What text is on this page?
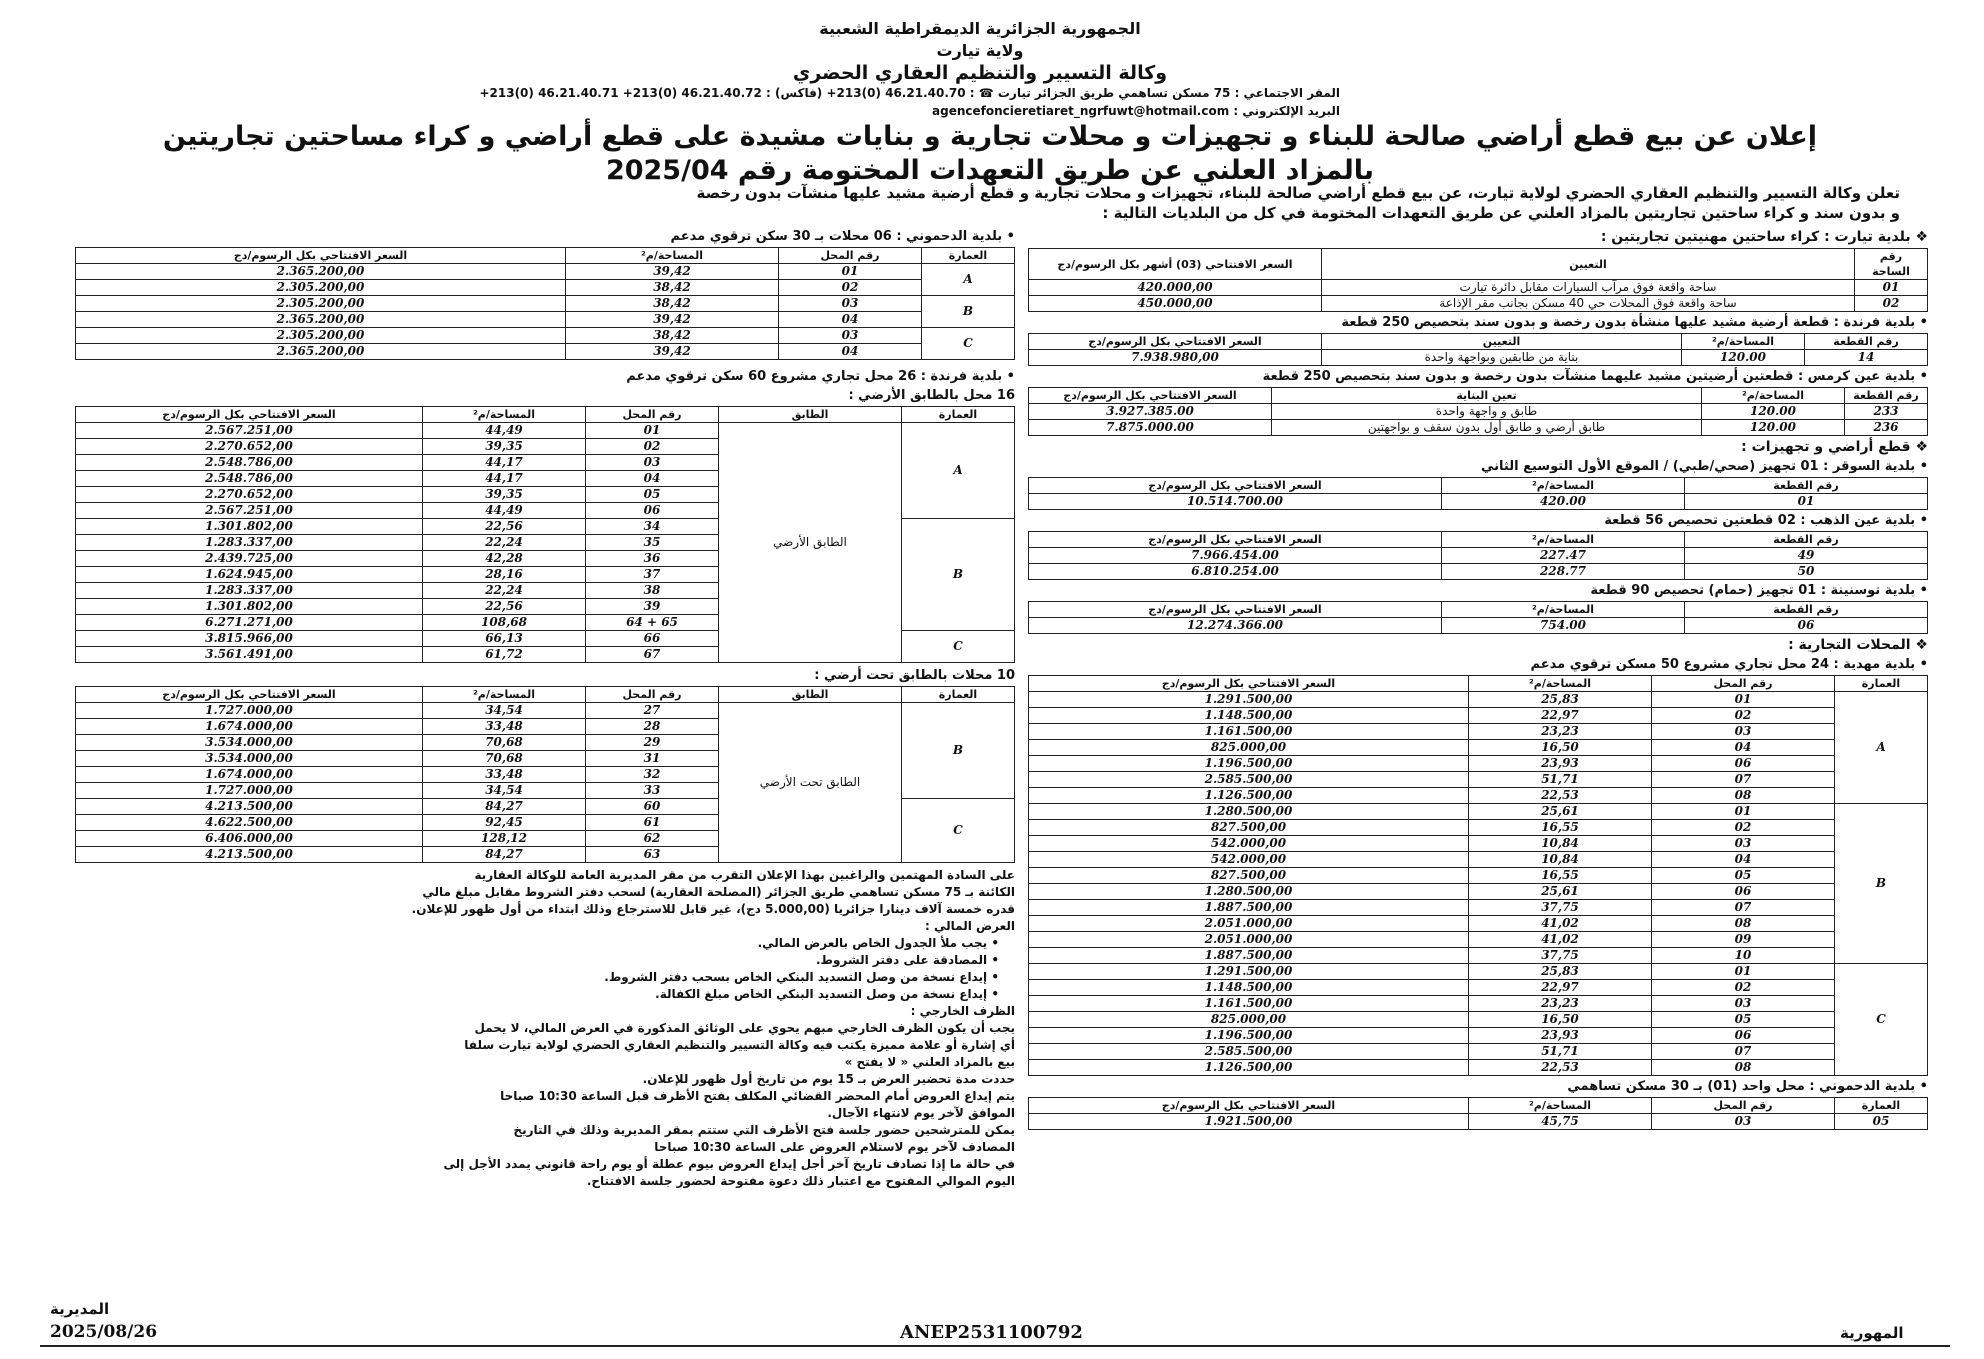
الجمهورية الجزائرية الديمقراطية الشعبية
ولاية تيارت
وكالة التسيير والتنظيم العقاري الحضري
المقر الاجتماعي : 75 مسكن تساهمي طريق الجزائر تيارت ☎ : 46.21.40.70 (0)213+ (فاكس) : 46.21.40.72 (0)213+ 46.21.40.71 (0)213+
البريد الإلكتروني : agencefoncieretiaret_ngrfuwt@hotmail.com
إعلان عن بيع قطع أراضي صالحة للبناء و تجهيزات و محلات تجارية و بنايات مشيدة على قطع أراضي و كراء مساحتين تجاريتين
بالمزاد العلني عن طريق التعهدات المختومة رقم 2025/04
تعلن وكالة التسيير والتنظيم العقاري الحضري لولاية تيارت، عن بيع قطع أراضي صالحة للبناء، تجهيزات و محلات تجارية و قطع أرضية مشيد عليها منشآت بدون رخصة
و بدون سند و كراء ساحتين تجاريتين بالمزاد العلني عن طريق التعهدات المختومة في كل من البلديات التالية :
❖ بلدية تيارت : كراء ساحتين مهنيتين تجاريتين :
رقم الساحة	التعيين	السعر الافتتاحي (03) أشهر بكل الرسوم/دج
01	ساحة واقعة فوق مرآب السيارات مقابل دائرة تيارت	420.000,00
02	ساحة واقعة فوق المحلات حي 40 مسكن بجانب مقر الإذاعة	450.000,00
• بلدية فرندة : قطعة أرضية مشيد عليها منشأة بدون رخصة و بدون سند بتحصيص 250 قطعة
رقم القطعة	المساحة/م²	التعيين	السعر الافتتاحي بكل الرسوم/دج
14	120.00	بناية من طابقين وبواجهة واحدة	7.938.980,00
• بلدية عين كرمس : قطعتين أرضيتين مشيد عليهما منشآت بدون رخصة و بدون سند بتحصيص 250 قطعة
رقم القطعة	المساحة/م²	تعين البناية	السعر الافتتاحي بكل الرسوم/دج
233	120.00	طابق و واجهة واحدة	3.927.385.00
236	120.00	طابق أرضي و طابق أول بدون سقف و بواجهتين	7.875.000.00
❖ قطع أراضي و تجهيزات :
• بلدية السوقر : 01 تجهيز (صحي/طبي) / الموقع الأول التوسيع الثاني
رقم القطعة	المساحة/م²	السعر الافتتاحي بكل الرسوم/دج
01	420.00	10.514.700.00
• بلدية عين الذهب : 02 قطعتين تحصيص 56 قطعة
رقم القطعة	المساحة/م²	السعر الافتتاحي بكل الرسوم/دج
49	227.47	7.966.454.00
50	228.77	6.810.254.00
• بلدية توسنينة : 01 تجهيز (حمام) تحصيص 90 قطعة
رقم القطعة	المساحة/م²	السعر الافتتاحي بكل الرسوم/دج
06	754.00	12.274.366.00
❖ المحلات التجارية :
• بلدية مهدية : 24 محل تجاري مشروع 50 مسكن ترقوي مدعم
العمارة	رقم المحل	المساحة/م²	السعر الافتتاحي بكل الرسوم/دج
A	01	25,83	1.291.500,00
	02	22,97	1.148.500,00
	03	23,23	1.161.500,00
	04	16,50	825.000,00
	06	23,93	1.196.500,00
	07	51,71	2.585.500,00
	08	22,53	1.126.500,00
B	01	25,61	1.280.500,00
	02	16,55	827.500,00
	03	10,84	542.000,00
	04	10,84	542.000,00
	05	16,55	827.500,00
	06	25,61	1.280.500,00
	07	37,75	1.887.500,00
	08	41,02	2.051.000,00
	09	41,02	2.051.000,00
	10	37,75	1.887.500,00
C	01	25,83	1.291.500,00
	02	22,97	1.148.500,00
	03	23,23	1.161.500,00
	05	16,50	825.000,00
	06	23,93	1.196.500,00
	07	51,71	2.585.500,00
	08	22,53	1.126.500,00
• بلدية الدحموني : محل واحد (01) بـ 30 مسكن تساهمي
العمارة	رقم المحل	المساحة/م²	السعر الافتتاحي بكل الرسوم/دج
05	03	45,75	1.921.500,00
• بلدية الدحموني : 06 محلات بـ 30 سكن ترقوي مدعم
العمارة	رقم المحل	المساحة/م²	السعر الافتتاحي بكل الرسوم/دج
A	01	39,42	2.365.200,00
	02	38,42	2.305.200,00
B	03	38,42	2.305.200,00
	04	39,42	2.365.200,00
C	03	38,42	2.305.200,00
	04	39,42	2.365.200,00
• بلدية فرندة : 26 محل تجاري مشروع 60 سكن ترقوي مدعم
16 محل بالطابق الأرضي :
العمارة	الطابق	رقم المحل	المساحة/م²	السعر الافتتاحي بكل الرسوم/دج
A	الطابق الأرضي	01	44,49	2.567.251,00
		02	39,35	2.270.652,00
		03	44,17	2.548.786,00
		04	44,17	2.548.786,00
		05	39,35	2.270.652,00
		06	44,49	2.567.251,00
B		34	22,56	1.301.802,00
		35	22,24	1.283.337,00
		36	42,28	2.439.725,00
		37	28,16	1.624.945,00
		38	22,24	1.283.337,00
		39	22,56	1.301.802,00
		65 + 64	108,68	6.271.271,00
C		66	66,13	3.815.966,00
		67	61,72	3.561.491,00
10 محلات بالطابق تحت أرضي :
العمارة	الطابق	رقم المحل	المساحة/م²	السعر الافتتاحي بكل الرسوم/دج
B	الطابق تحت الأرضي	27	34,54	1.727.000,00
		28	33,48	1.674.000,00
		29	70,68	3.534.000,00
		31	70,68	3.534.000,00
		32	33,48	1.674.000,00
		33	34,54	1.727.000,00
C		60	84,27	4.213.500,00
		61	92,45	4.622.500,00
		62	128,12	6.406.000,00
		63	84,27	4.213.500,00
على السادة المهتمين والراغبين بهذا الإعلان التقرب من مقر المديرية العامة للوكالة العقارية
الكائنة بـ 75 مسكن تساهمي طريق الجزائر (المصلحة العقارية) لسحب دفتر الشروط مقابل مبلغ مالي
قدره خمسة آلاف دينارا جزائريا (5.000,00 دج)، غير قابل للاسترجاع وذلك ابتداء من أول ظهور للإعلان.
العرض المالي :
• يجب ملأ الجدول الخاص بالعرض المالي.
• المصادقة على دفتر الشروط.
• إيداع نسخة من وصل التسديد البنكي الخاص بسحب دفتر الشروط.
• إيداع نسخة من وصل التسديد البنكي الخاص مبلغ الكفالة.
الظرف الخارجي :
يجب أن يكون الظرف الخارجي مبهم يحوي على الوثائق المذكورة في العرض المالي، لا يحمل
أي إشارة أو علامة مميزة يكتب فيه وكالة التسيير والتنظيم العقاري الحضري لولاية تيارت سلفا
بيع بالمزاد العلني « لا يفتح »
حددت مدة تحضير العرض بـ 15 يوم من تاريخ أول ظهور للإعلان.
يتم إيداع العروض أمام المحضر القضائي المكلف بفتح الأظرف قبل الساعة 10:30 صباحا
الموافق لآخر يوم لانتهاء الآجال.
يمكن للمترشحين حضور جلسة فتح الأظرف التي ستتم بمقر المديرية وذلك في التاريخ
المصادف لآخر يوم لاستلام العروض على الساعة 10:30 صباحا
في حالة ما إذا تصادف تاريخ آخر أجل إيداع العروض بيوم عطلة أو يوم راحة قانوني يمدد الأجل إلى
اليوم الموالي المفتوح مع اعتبار ذلك دعوة مفتوحة لحضور جلسة الافتتاح.
المديرية
2025/08/26	ANEP2531100792	المهورية
